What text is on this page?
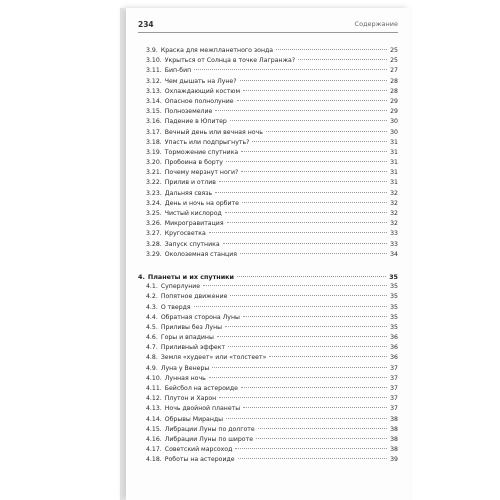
234	Содержание
3.9. Краска для межпланетного зонда	25
3.10. Укрыться от Солнца в точке Лагранжа?	25
3.11. Бип-бип	27
3.12. Чем дышать на Луне?	28
3.13. Охлаждающий костюм	28
3.14. Опасное полнолуние	29
3.15. Полноземелие	29
3.16. Падение в Юпитер	30
3.17. Вечный день или вечная ночь	30
3.18. Упасть или подпрыгнуть?	31
3.19. Торможение спутника	31
3.20. Пробоина в борту	31
3.21. Почему мерзнут ноги?	31
3.22. Прилив и отлив	31
3.23. Дальняя связь	32
3.24. День и ночь на орбите	32
3.25. Чистый кислород	32
3.26. Микрогравитация	32
3.27. Кругосветка	33
3.28. Запуск спутника	33
3.29. Околоземная станция	34
4. Планеты и их спутники	35
4.1. Суперлуние	35
4.2. Попятное движение	35
4.3. О твердя	35
4.4. Обратная сторона Луны	35
4.5. Приливы без Луны	35
4.6. Горы и впадины	36
4.7. Приливный эффект	36
4.8. Земля «худеет» или «толстеет»	36
4.9. Луна у Венеры	37
4.10. Лунная ночь	37
4.11. Бейсбол на астероиде	37
4.12. Плутон и Харон	37
4.13. Ночь двойной планеты	37
4.14. Обрывы Миранды	38
4.15. Либрации Луны по долготе	38
4.16. Либрации Луны по широте	38
4.17. Советский марсоход	38
4.18. Роботы на астероиде	39
